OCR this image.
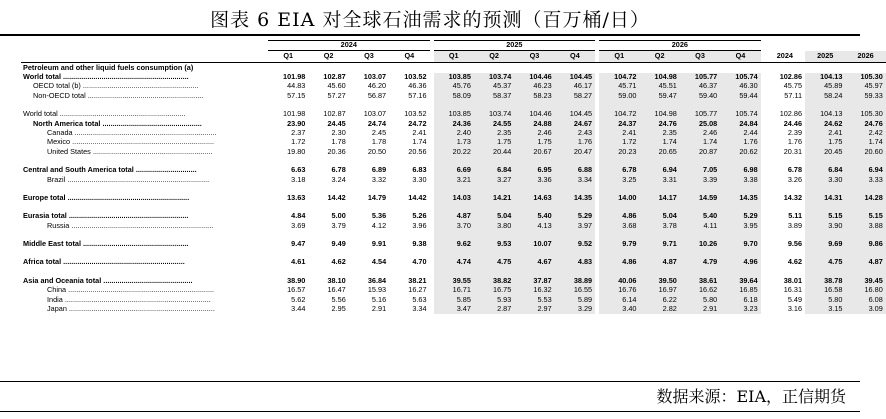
图表 6 EIA 对全球石油需求的预测（百万桶/日）
	2024					2025					2026							
	Q1	Q2	Q3	Q4		Q1	Q2	Q3	Q4		Q1	Q2	Q3	Q4		2024	2025	2026
Petroleum and other liquid fuels consumption (a)																		
World total ..............................................................	101.98	102.87	103.07	103.52		103.85	103.74	104.46	104.45		104.72	104.98	105.77	105.74		102.86	104.13	105.30
OECD total (b) .........................................................	44.83	45.60	46.20	46.36		45.76	45.37	46.23	46.17		45.71	45.51	46.37	46.30		45.75	45.89	45.97
Non-OECD total .........................................................	57.15	57.27	56.87	57.16		58.09	58.37	58.23	58.27		59.00	59.47	59.40	59.44		57.11	58.24	59.33

World total ..............................................................	101.98	102.87	103.07	103.52		103.85	103.74	104.46	104.45		104.72	104.98	105.77	105.74		102.86	104.13	105.30
North America total .................................................	23.90	24.45	24.74	24.72		24.36	24.55	24.88	24.67		24.37	24.76	25.08	24.84		24.46	24.62	24.76
Canada ......................................................................	2.37	2.30	2.45	2.41		2.40	2.35	2.46	2.43		2.41	2.35	2.46	2.44		2.39	2.41	2.42
Mexico ......................................................................	1.72	1.78	1.78	1.74		1.73	1.75	1.75	1.76		1.72	1.74	1.74	1.76		1.76	1.75	1.74
United States ...........................................................	19.80	20.36	20.50	20.56		20.22	20.44	20.67	20.47		20.23	20.65	20.87	20.62		20.31	20.45	20.60

Central and South America total ..............................	6.63	6.78	6.89	6.83		6.69	6.84	6.95	6.88		6.78	6.94	7.05	6.98		6.78	6.84	6.94
Brazil ......................................................................	3.18	3.24	3.32	3.30		3.21	3.27	3.36	3.34		3.25	3.31	3.39	3.38		3.26	3.30	3.33

Europe total ............................................................	13.63	14.42	14.79	14.42		14.03	14.21	14.63	14.35		14.00	14.17	14.59	14.35		14.32	14.31	14.28

Eurasia total ...........................................................	4.84	5.00	5.36	5.26		4.87	5.04	5.40	5.29		4.86	5.04	5.40	5.29		5.11	5.15	5.15
Russia ......................................................................	3.69	3.79	4.12	3.96		3.70	3.80	4.13	3.97		3.68	3.78	4.11	3.95		3.89	3.90	3.88

Middle East total ....................................................	9.47	9.49	9.91	9.38		9.62	9.53	10.07	9.52		9.79	9.71	10.26	9.70		9.56	9.69	9.86

Africa total ............................................................	4.61	4.62	4.54	4.70		4.74	4.75	4.67	4.83		4.86	4.87	4.79	4.96		4.62	4.75	4.87

Asia and Oceania total ............................................	38.90	38.10	36.84	38.21		39.55	38.82	37.87	38.89		40.06	39.50	38.61	39.64		38.01	38.78	39.45
China ........................................................................	16.57	16.47	15.93	16.27		16.71	16.75	16.32	16.55		16.76	16.97	16.62	16.85		16.31	16.58	16.80
India ........................................................................	5.62	5.56	5.16	5.63		5.85	5.93	5.53	5.89		6.14	6.22	5.80	6.18		5.49	5.80	6.08
Japan ........................................................................	3.44	2.95	2.91	3.34		3.47	2.87	2.97	3.29		3.40	2.82	2.91	3.23		3.16	3.15	3.09
数据来源：EIA，正信期货
